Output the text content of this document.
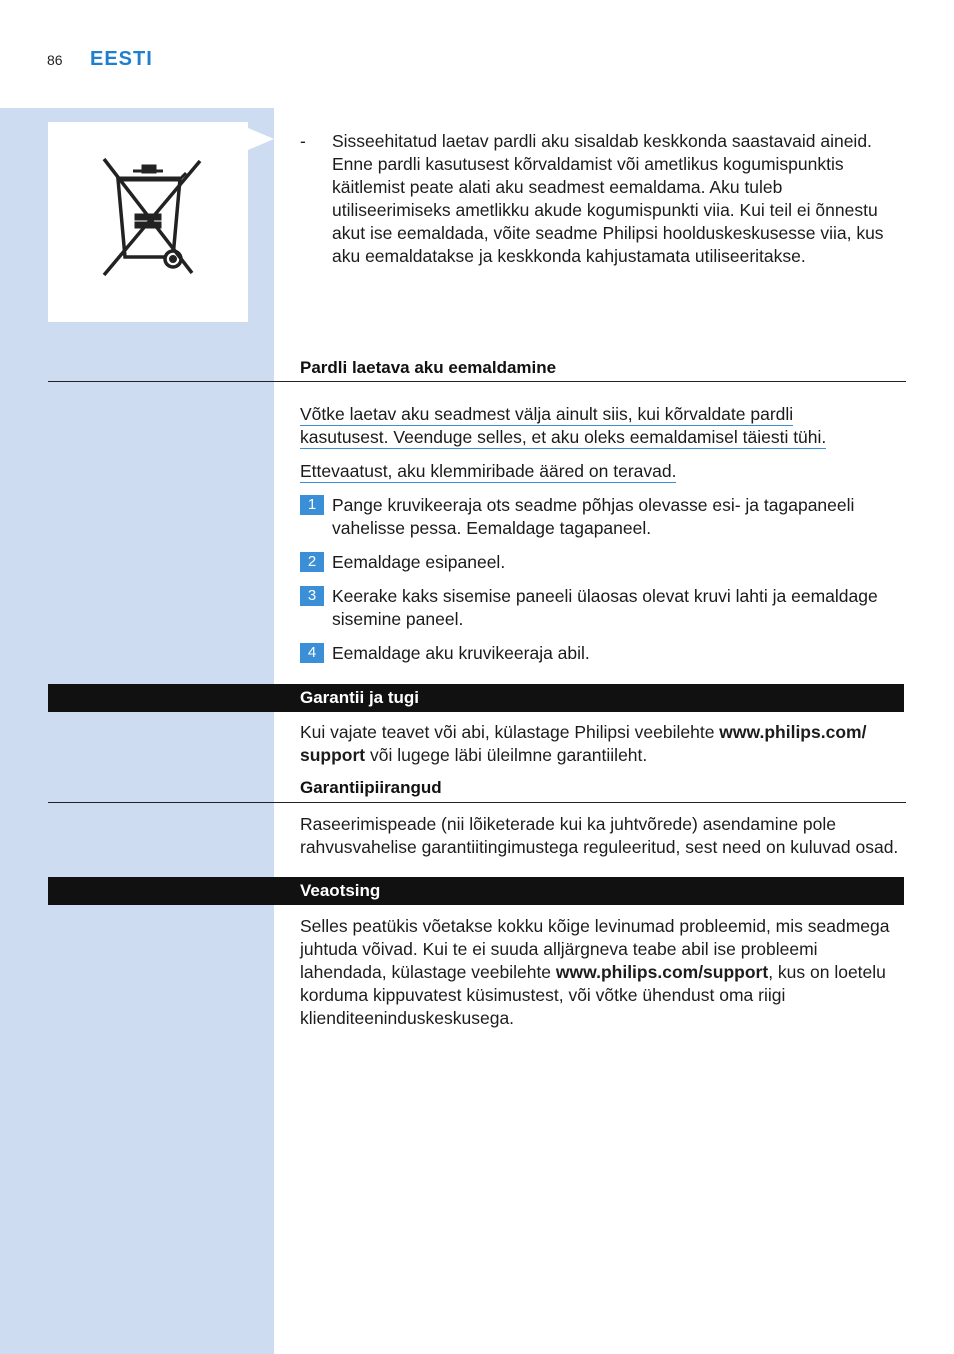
86 EESTI
- Sisseehitatud laetav pardli aku sisaldab keskkonda saastavaid aineid. Enne pardli kasutusest kõrvaldamist või ametlikus kogumispunktis käitlemist peate alati aku seadmest eemaldama. Aku tuleb utiliseerimiseks ametlikku akude kogumispunkti viia. Kui teil ei õnnestu akut ise eemaldada, võite seadme Philipsi hoolduskeskusesse viia, kus aku eemaldatakse ja keskkonda kahjustamata utiliseeritakse.
Pardli laetava aku eemaldamine
Võtke laetav aku seadmest välja ainult siis, kui kõrvaldate pardli
kasutusest. Veenduge selles, et aku oleks eemaldamisel täiesti tühi.
Ettevaatust, aku klemmiribade ääred on teravad.
1 Pange kruvikeeraja ots seadme põhjas olevasse esi- ja tagapaneeli vahelisse pessa. Eemaldage tagapaneel.
2 Eemaldage esipaneel.
3 Keerake kaks sisemise paneeli ülaosas olevat kruvi lahti ja eemaldage sisemine paneel.
4 Eemaldage aku kruvikeeraja abil.
Garantii ja tugi
Kui vajate teavet või abi, külastage Philipsi veebilehte www.philips.com/ support või lugege läbi üleilmne garantiileht.
Garantiipiirangud
Raseerimispeade (nii lõiketerade kui ka juhtvõrede) asendamine pole rahvusvahelise garantiitingimustega reguleeritud, sest need on kuluvad osad.
Veaotsing
Selles peatükis võetakse kokku kõige levinumad probleemid, mis seadmega juhtuda võivad. Kui te ei suuda alljärgneva teabe abil ise probleemi lahendada, külastage veebilehte www.philips.com/support, kus on loetelu korduma kippuvatest küsimustest, või võtke ühendust oma riigi klienditeeninduskeskusega.
